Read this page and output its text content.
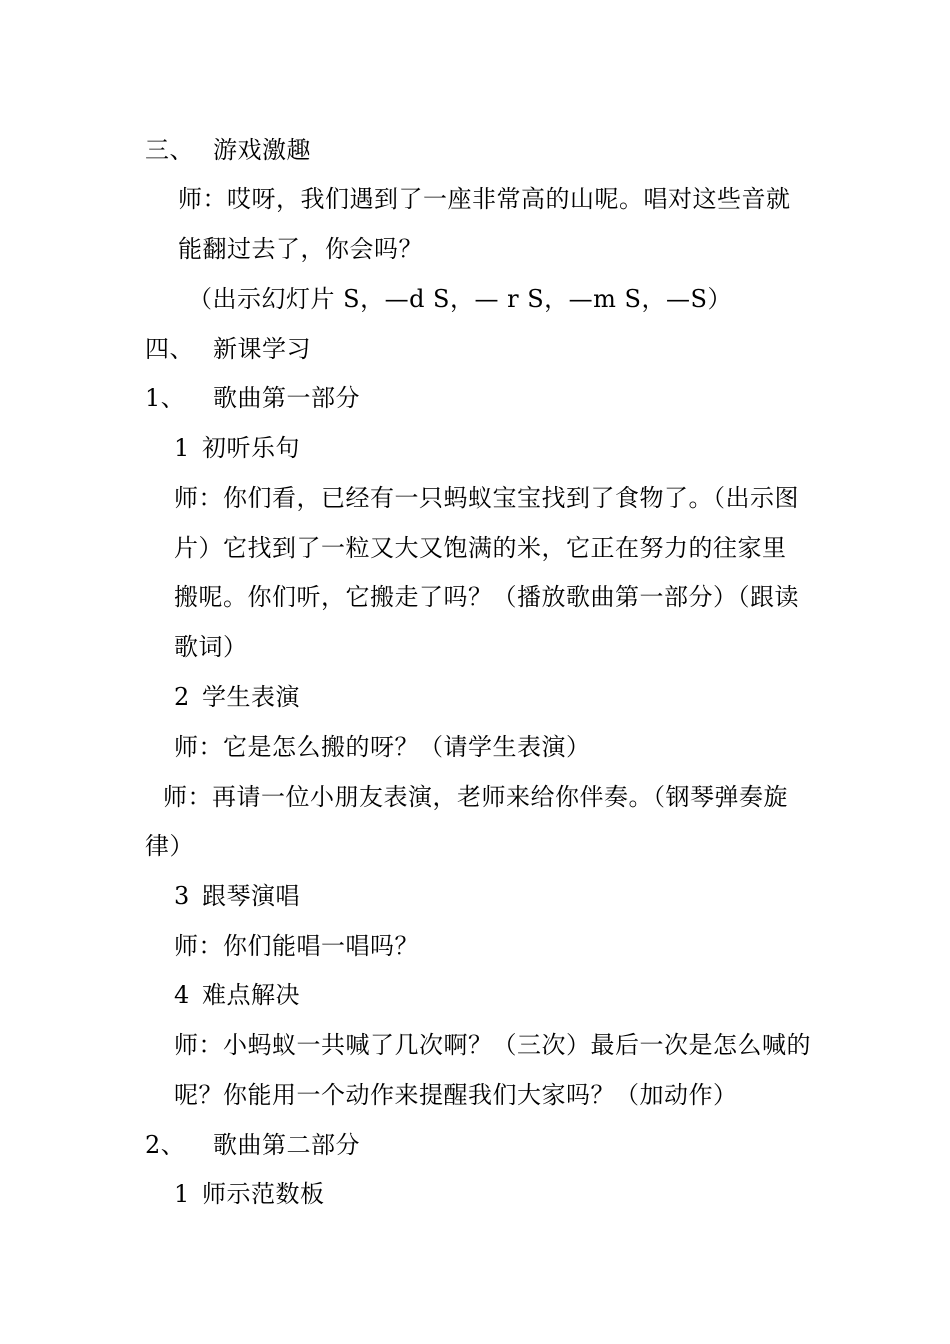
三、 游戏激趣
师：哎呀，我们遇到了一座非常高的山呢。唱对这些音就
能翻过去了，你会吗？
（出示幻灯片 S，—d S，— r S，—m S，—S）
四、 新课学习
1、 歌曲第一部分
1 初听乐句
师：你们看，已经有一只蚂蚁宝宝找到了食物了。（出示图
片）它找到了一粒又大又饱满的米，它正在努力的往家里
搬呢。你们听，它搬走了吗？（播放歌曲第一部分）（跟读
歌词）
2 学生表演
师：它是怎么搬的呀？（请学生表演）
师：再请一位小朋友表演，老师来给你伴奏。（钢琴弹奏旋
律）
3 跟琴演唱
师：你们能唱一唱吗？
4 难点解决
师：小蚂蚁一共喊了几次啊？（三次）最后一次是怎么喊的
呢？你能用一个动作来提醒我们大家吗？（加动作）
2、 歌曲第二部分
1 师示范数板
